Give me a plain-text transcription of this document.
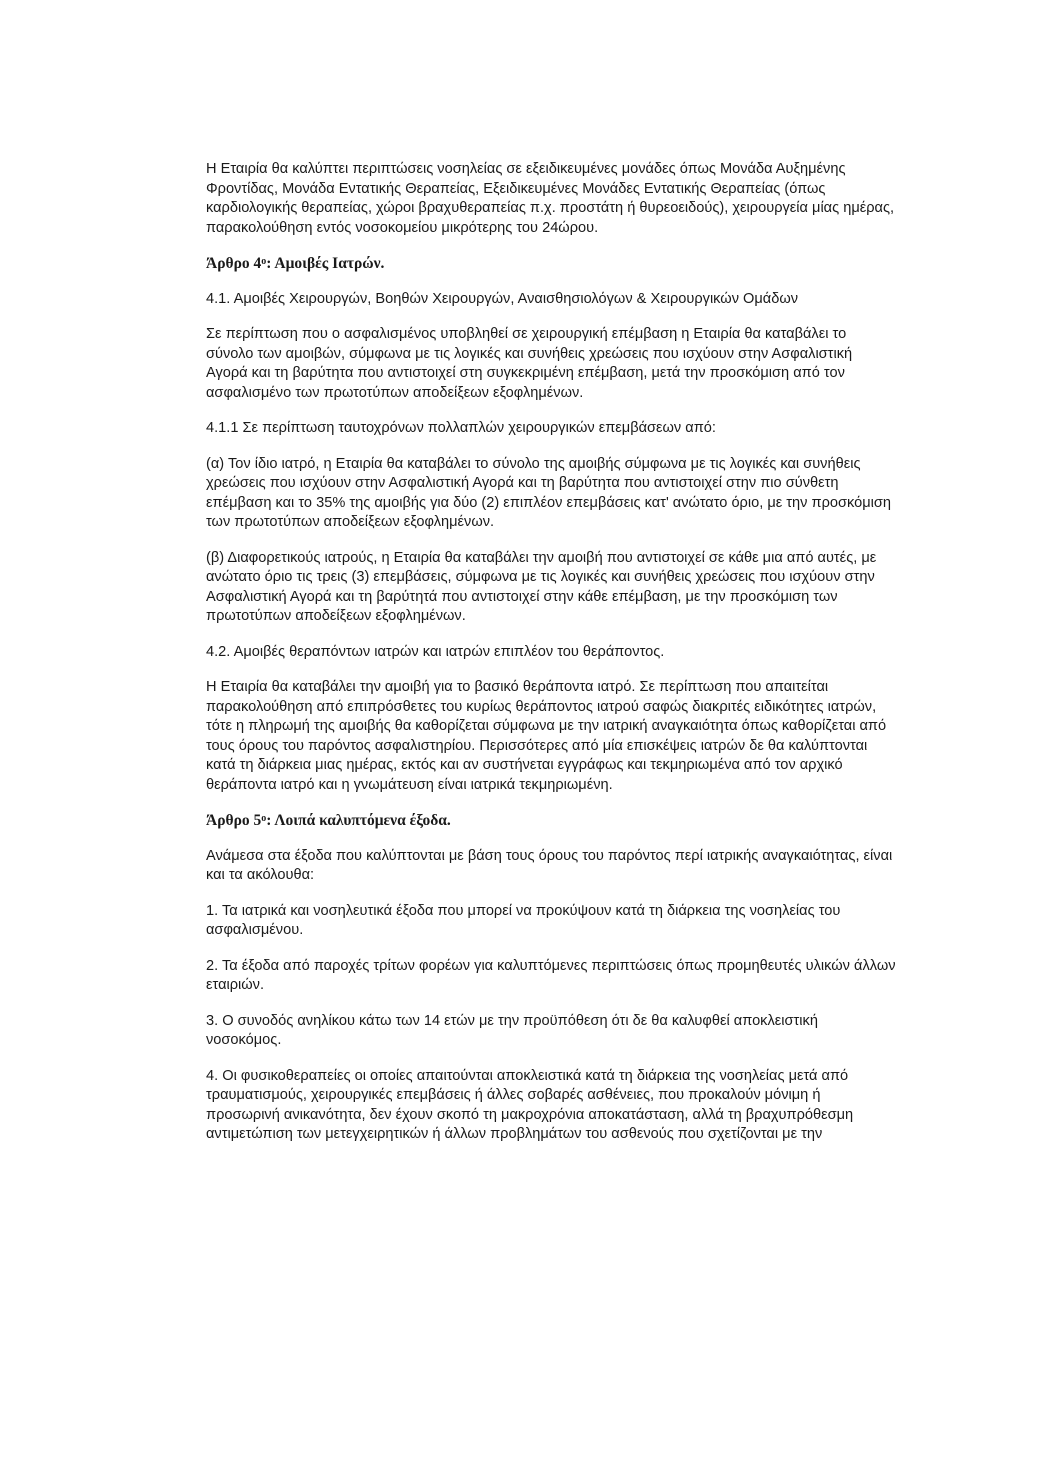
Η Εταιρία θα καλύπτει περιπτώσεις νοσηλείας σε εξειδικευμένες μονάδες όπως Μονάδα Αυξημένης Φροντίδας, Μονάδα Εντατικής Θεραπείας, Εξειδικευμένες Μονάδες Εντατικής Θεραπείας (όπως καρδιολογικής θεραπείας, χώροι βραχυθεραπείας π.χ. προστάτη ή θυρεοειδούς), χειρουργεία μίας ημέρας, παρακολούθηση εντός νοσοκομείου μικρότερης του 24ώρου.

Άρθρο $4^o$: Αμοιβές Ιατρών.

4.1. Αμοιβές Χειρουργών, Βοηθών Χειρουργών, Αναισθησιολόγων & Χειρουργικών Ομάδων

Σε περίπτωση που ο ασφαλισμένος υποβληθεί σε χειρουργική επέμβαση η Εταιρία θα καταβάλει το σύνολο των αμοιβών, σύμφωνα με τις λογικές και συνήθεις χρεώσεις που ισχύουν στην Ασφαλιστική Αγορά και τη βαρύτητα που αντιστοιχεί στη συγκεκριμένη επέμβαση, μετά την προσκόμιση από τον ασφαλισμένο των πρωτοτύπων αποδείξεων εξοφλημένων.

4.1.1 Σε περίπτωση ταυτοχρόνων πολλαπλών χειρουργικών επεμβάσεων από:

(α) Τον ίδιο ιατρό, η Εταιρία θα καταβάλει το σύνολο της αμοιβής σύμφωνα με τις λογικές και συνήθεις χρεώσεις που ισχύουν στην Ασφαλιστική Αγορά και τη βαρύτητα που αντιστοιχεί στην πιο σύνθετη επέμβαση και το 35% της αμοιβής για δύο (2) επιπλέον επεμβάσεις κατ' ανώτατο όριο, με την προσκόμιση των πρωτοτύπων αποδείξεων εξοφλημένων.

(β) Διαφορετικούς ιατρούς, η Εταιρία θα καταβάλει την αμοιβή που αντιστοιχεί σε κάθε μια από αυτές, με ανώτατο όριο τις τρεις (3) επεμβάσεις, σύμφωνα με τις λογικές και συνήθεις χρεώσεις που ισχύουν στην Ασφαλιστική Αγορά και τη βαρύτητά που αντιστοιχεί στην κάθε επέμβαση, με την προσκόμιση των πρωτοτύπων αποδείξεων εξοφλημένων.

4.2. Αμοιβές θεραπόντων ιατρών και ιατρών επιπλέον του θεράποντος.

Η Εταιρία θα καταβάλει την αμοιβή για το βασικό θεράποντα ιατρό. Σε περίπτωση που απαιτείται παρακολούθηση από επιπρόσθετες του κυρίως θεράποντος ιατρού σαφώς διακριτές ειδικότητες ιατρών, τότε η πληρωμή της αμοιβής θα καθορίζεται σύμφωνα με την ιατρική αναγκαιότητα όπως καθορίζεται από τους όρους του παρόντος ασφαλιστηρίου. Περισσότερες από μία επισκέψεις ιατρών δε θα καλύπτονται κατά τη διάρκεια μιας ημέρας, εκτός και αν συστήνεται εγγράφως και τεκμηριωμένα από τον αρχικό θεράποντα ιατρό και η γνωμάτευση είναι ιατρικά τεκμηριωμένη.

Άρθρο $5^o$: Λοιπά καλυπτόμενα έξοδα.

Ανάμεσα στα έξοδα που καλύπτονται με βάση τους όρους του παρόντος περί ιατρικής αναγκαιότητας, είναι και τα ακόλουθα:

1. Τα ιατρικά και νοσηλευτικά έξοδα που μπορεί να προκύψουν κατά τη διάρκεια της νοσηλείας του ασφαλισμένου.

2. Τα έξοδα από παροχές τρίτων φορέων για καλυπτόμενες περιπτώσεις όπως προμηθευτές υλικών άλλων εταιριών.

3. Ο συνοδός ανηλίκου κάτω των 14 ετών με την προϋπόθεση ότι δε θα καλυφθεί αποκλειστική νοσοκόμος.

4. Οι φυσικοθεραπείες οι οποίες απαιτούνται αποκλειστικά κατά τη διάρκεια της νοσηλείας μετά από τραυματισμούς, χειρουργικές επεμβάσεις ή άλλες σοβαρές ασθένειες, που προκαλούν μόνιμη ή προσωρινή ανικανότητα, δεν έχουν σκοπό τη μακροχρόνια αποκατάσταση, αλλά τη βραχυπρόθεσμη αντιμετώπιση των μετεγχειρητικών ή άλλων προβλημάτων του ασθενούς που σχετίζονται με την
